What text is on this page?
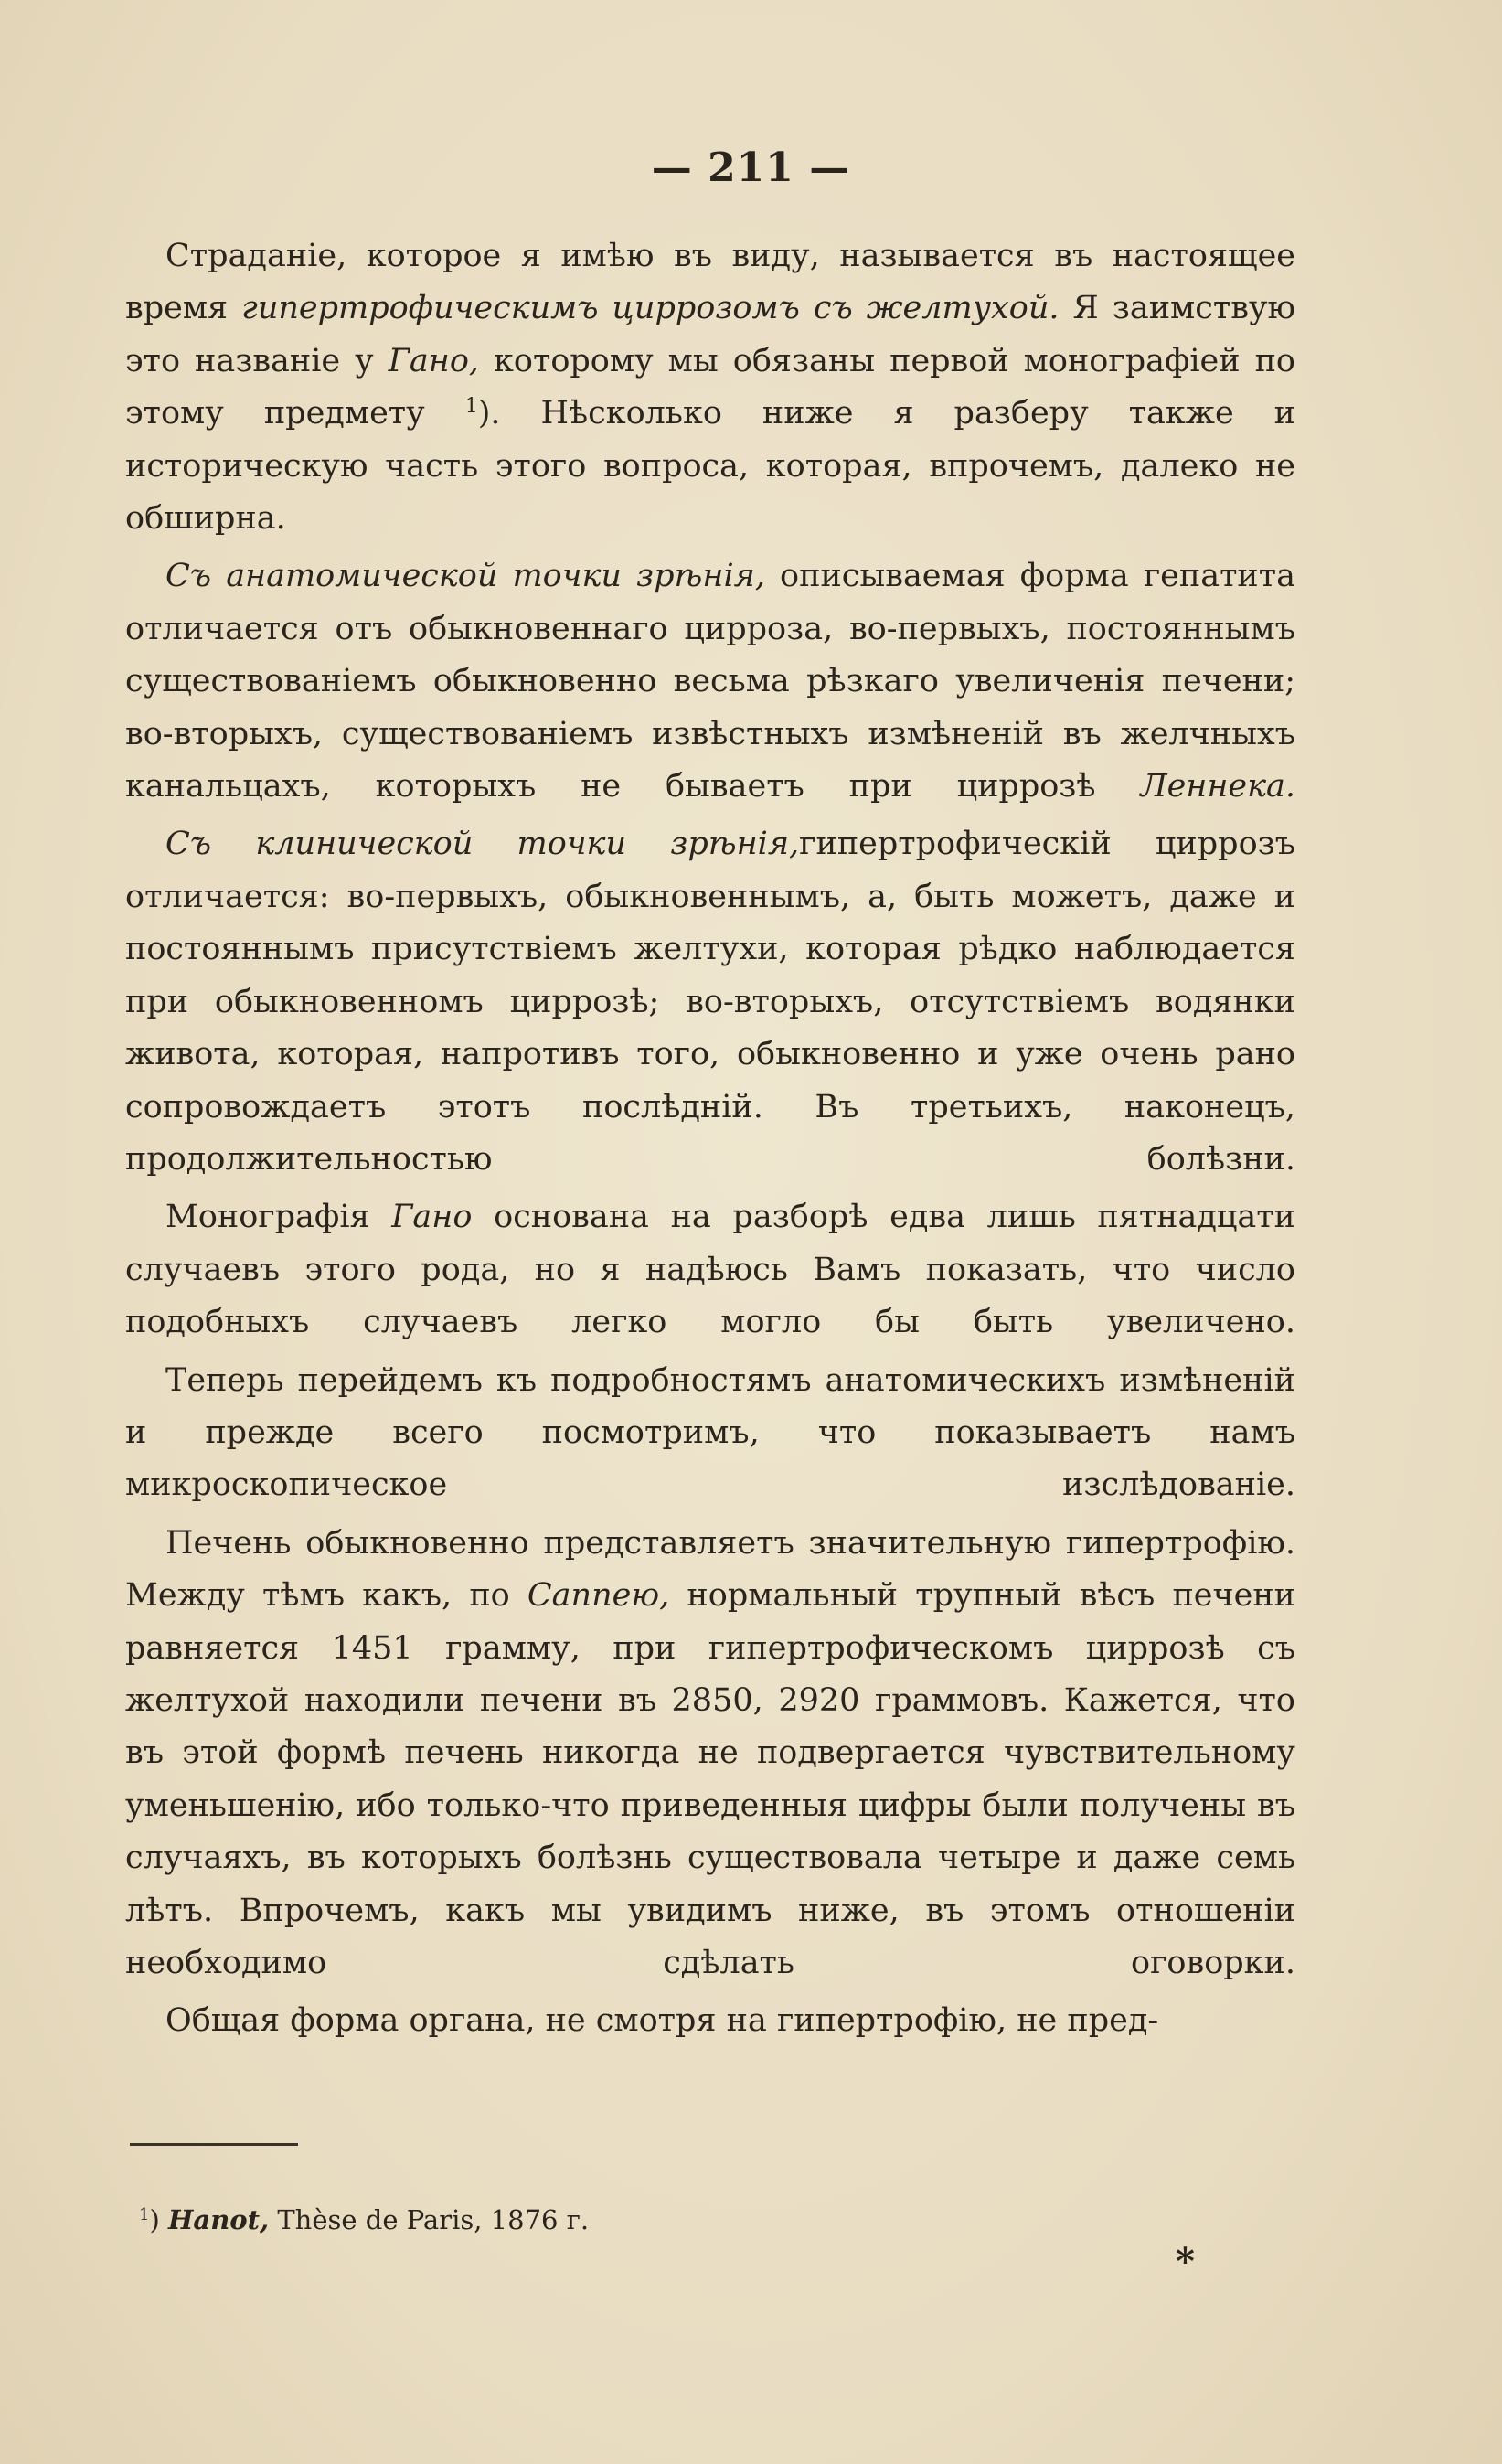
— 211 —

Страданіе, которое я имѣю въ виду, называется въ настоящее время гипертрофическимъ циррозомъ съ желтухой. Я заимствую это названіе у Гано, которому мы обязаны первой монографіей по этому предмету $^1$). Нѣсколько ниже я разберу также и историческую часть этого вопроса, которая, впрочемъ, далеко не обширна.

Съ анатомической точки зрѣнія, описываемая форма гепатита отличается отъ обыкновеннаго цирроза, во-первыхъ, постояннымъ существованіемъ обыкновенно весьма рѣзкаго увеличенія печени; во-вторыхъ, существованіемъ извѣстныхъ измѣненій въ желчныхъ канальцахъ, которыхъ не бываетъ при циррозѣ Леннека.

Съ клинической точки зрѣнія,гипертрофическій циррозъ отличается: во-первыхъ, обыкновеннымъ, а, быть можетъ, даже и постояннымъ присутствіемъ желтухи, которая рѣдко наблюдается при обыкновенномъ циррозѣ; во-вторыхъ, отсутствіемъ водянки живота, которая, напротивъ того, обыкновенно и уже очень рано сопровождаетъ этотъ послѣдній. Въ третьихъ, наконецъ, продолжительностью болѣзни.

Монографія Гано основана на разборѣ едва лишь пятнадцати случаевъ этого рода, но я надѣюсь Вамъ показать, что число подобныхъ случаевъ легко могло бы быть увеличено.

Теперь перейдемъ къ подробностямъ анатомическихъ измѣненій и прежде всего посмотримъ, что показываетъ намъ микроскопическое изслѣдованіе.

Печень обыкновенно представляетъ значительную гипертрофію. Между тѣмъ какъ, по Саппею, нормальный трупный вѣсъ печени равняется 1451 грамму, при гипертрофическомъ циррозѣ съ желтухой находили печени въ 2850, 2920 граммовъ. Кажется, что въ этой формѣ печень никогда не подвергается чувствительному уменьшенію, ибо только-что приведенныя цифры были получены въ случаяхъ, въ которыхъ болѣзнь существовала четыре и даже семь лѣтъ. Впрочемъ, какъ мы увидимъ ниже, въ этомъ отношеніи необходимо сдѣлать оговорки.

Общая форма органа, не смотря на гипертрофію, не пред-

$^1$) Hanot, Thèse de Paris, 1876 г.
*
